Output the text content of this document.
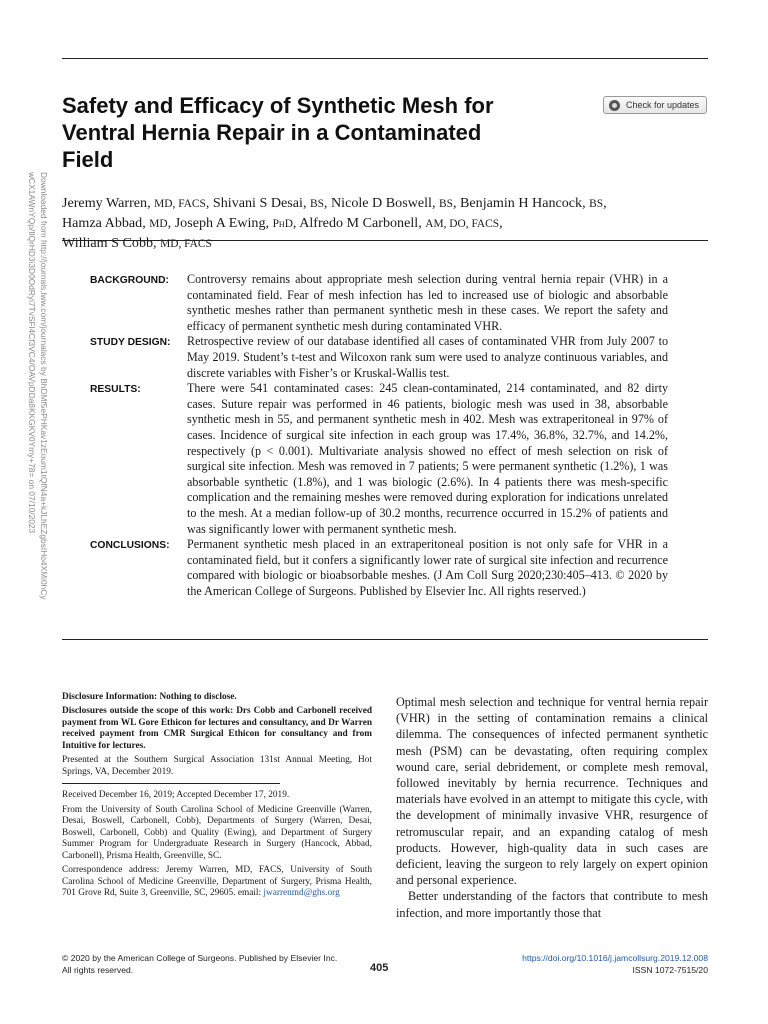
Downloaded from http://journals.lww.com/journalacs by BhDMf5ePHKav1zEoum1tQfN4a+kJLhEZgbsIHo4XMi0hCy
wCX1AWnYQp/IlQrHD3i3D0OdRyi7TvSFl4Cf3VC4/OAVpDDa8KKGKV0Ymy+78= on 07/10/2023
Safety and Efficacy of Synthetic Mesh for Ventral Hernia Repair in a Contaminated Field
Check for updates
Jeremy Warren, MD, FACS, Shivani S Desai, BS, Nicole D Boswell, BS, Benjamin H Hancock, BS,
Hamza Abbad, MD, Joseph A Ewing, PhD, Alfredo M Carbonell, AM, DO, FACS,
William S Cobb, MD, FACS
BACKGROUND:	Controversy remains about appropriate mesh selection during ventral hernia repair (VHR) in a contaminated field. Fear of mesh infection has led to increased use of biologic and absorbable synthetic meshes rather than permanent synthetic mesh in these cases. We report the safety and efficacy of permanent synthetic mesh during contaminated VHR.
STUDY DESIGN:	Retrospective review of our database identified all cases of contaminated VHR from July 2007 to May 2019. Student’s t-test and Wilcoxon rank sum were used to analyze continuous variables, and discrete variables with Fisher’s or Kruskal-Wallis test.
RESULTS:	There were 541 contaminated cases: 245 clean-contaminated, 214 contaminated, and 82 dirty cases. Suture repair was performed in 46 patients, biologic mesh was used in 38, absorbable synthetic mesh in 55, and permanent synthetic mesh in 402. Mesh was extraperitoneal in 97% of cases. Incidence of surgical site infection in each group was 17.4%, 36.8%, 32.7%, and 14.2%, respectively (p < 0.001). Multivariate analysis showed no effect of mesh selection on risk of surgical site infection. Mesh was removed in 7 patients; 5 were permanent synthetic (1.2%), 1 was absorbable synthetic (1.8%), and 1 was biologic (2.6%). In 4 patients there was mesh-specific complication and the remaining meshes were removed during exploration for indications unrelated to the mesh. At a median follow-up of 30.2 months, recurrence occurred in 15.2% of patients and was significantly lower with permanent synthetic mesh.
CONCLUSIONS:	Permanent synthetic mesh placed in an extraperitoneal position is not only safe for VHR in a contaminated field, but it confers a significantly lower rate of surgical site infection and recurrence compared with biologic or bioabsorbable meshes. (J Am Coll Surg 2020;230:405–413. © 2020 by the American College of Surgeons. Published by Elsevier Inc. All rights reserved.)

Disclosure Information: Nothing to disclose.

Disclosures outside the scope of this work: Drs Cobb and Carbonell received payment from WL Gore Ethicon for lectures and consultancy, and Dr Warren received payment from CMR Surgical Ethicon for consultancy and from Intuitive for lectures.

Presented at the Southern Surgical Association 131st Annual Meeting, Hot Springs, VA, December 2019.

Received December 16, 2019; Accepted December 17, 2019.

From the University of South Carolina School of Medicine Greenville (Warren, Desai, Boswell, Carbonell, Cobb), Departments of Surgery (Warren, Desai, Boswell, Carbonell, Cobb) and Quality (Ewing), and Department of Surgery Summer Program for Undergraduate Research in Surgery (Hancock, Abbad, Carbonell), Prisma Health, Greenville, SC.

Correspondence address: Jeremy Warren, MD, FACS, University of South Carolina School of Medicine Greenville, Department of Surgery, Prisma Health, 701 Grove Rd, Suite 3, Greenville, SC, 29605. email: jwarrenmd@ghs.org

Optimal mesh selection and technique for ventral hernia repair (VHR) in the setting of contamination remains a clinical dilemma. The consequences of infected permanent synthetic mesh (PSM) can be devastating, often requiring complex wound care, serial debridement, or complete mesh removal, followed inevitably by hernia recurrence. Techniques and materials have evolved in an attempt to mitigate this cycle, with the development of minimally invasive VHR, resurgence of retromuscular repair, and an expanding catalog of mesh products. However, high-quality data in such cases are deficient, leaving the surgeon to rely largely on expert opinion and personal experience.

Better understanding of the factors that contribute to mesh infection, and more importantly those that

© 2020 by the American College of Surgeons. Published by Elsevier Inc.
All rights reserved.	405
https://doi.org/10.1016/j.jamcollsurg.2019.12.008
ISSN 1072-7515/20
